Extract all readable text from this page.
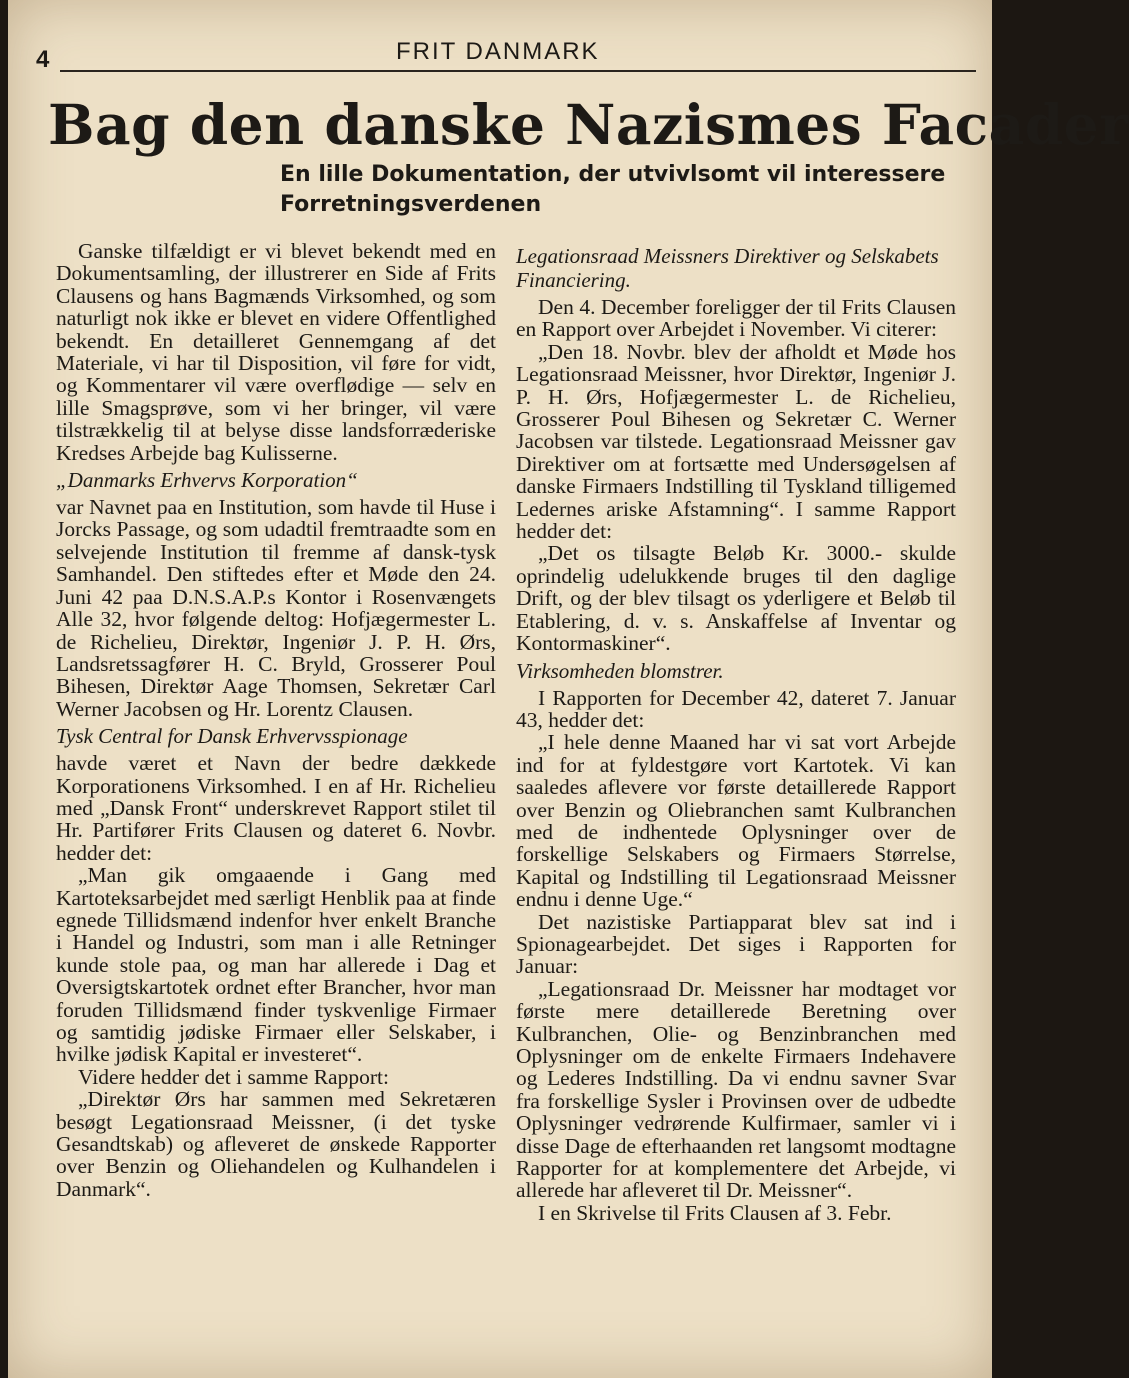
4	FRIT DANMARK
Bag den danske Nazismes Facader
En lille Dokumentation, der utvivlsomt vil interessere Forretningsverdenen

Ganske tilfældigt er vi blevet bekendt med en Dokumentsamling, der illustrerer en Side af Frits Clausens og hans Bagmænds Virksomhed, og som naturligt nok ikke er blevet en videre Offentlighed bekendt. En detailleret Gennemgang af det Materiale, vi har til Disposition, vil føre for vidt, og Kommentarer vil være overflødige — selv en lille Smagsprøve, som vi her bringer, vil være tilstrækkelig til at belyse disse landsforræderiske Kredses Arbejde bag Kulisserne.

„Danmarks Erhvervs Korporation“

var Navnet paa en Institution, som havde til Huse i Jorcks Passage, og som udadtil fremtraadte som en selvejende Institution til fremme af dansk-tysk Samhandel. Den stiftedes efter et Møde den 24. Juni 42 paa D.N.S.A.P.s Kontor i Rosenvængets Alle 32, hvor følgende deltog: Hofjægermester L. de Richelieu, Direktør, Ingeniør J. P. H. Ørs, Landsretssagfører H. C. Bryld, Grosserer Poul Bihesen, Direktør Aage Thomsen, Sekretær Carl Werner Jacobsen og Hr. Lorentz Clausen.

Tysk Central for Dansk Erhvervsspionage

havde været et Navn der bedre dækkede Korporationens Virksomhed. I en af Hr. Richelieu med „Dansk Front“ underskrevet Rapport stilet til Hr. Partifører Frits Clausen og dateret 6. Novbr. hedder det:

„Man gik omgaaende i Gang med Kartoteksarbejdet med særligt Henblik paa at finde egnede Tillidsmænd indenfor hver enkelt Branche i Handel og Industri, som man i alle Retninger kunde stole paa, og man har allerede i Dag et Oversigtskartotek ordnet efter Brancher, hvor man foruden Tillidsmænd finder tyskvenlige Firmaer og samtidig jødiske Firmaer eller Selskaber, i hvilke jødisk Kapital er investeret“.

Videre hedder det i samme Rapport:

„Direktør Ørs har sammen med Sekretæren besøgt Legationsraad Meissner, (i det tyske Gesandtskab) og afleveret de ønskede Rapporter over Benzin og Oliehandelen og Kulhandelen i Danmark“.

Legationsraad Meissners Direktiver og Selskabets Financiering.

Den 4. December foreligger der til Frits Clausen en Rapport over Arbejdet i November. Vi citerer:

„Den 18. Novbr. blev der afholdt et Møde hos Legationsraad Meissner, hvor Direktør, Ingeniør J. P. H. Ørs, Hofjægermester L. de Richelieu, Grosserer Poul Bihesen og Sekretær C. Werner Jacobsen var tilstede. Legationsraad Meissner gav Direktiver om at fortsætte med Undersøgelsen af danske Firmaers Indstilling til Tyskland tilligemed Ledernes ariske Afstamning“. I samme Rapport hedder det:

„Det os tilsagte Beløb Kr. 3000.- skulde oprindelig udelukkende bruges til den daglige Drift, og der blev tilsagt os yderligere et Beløb til Etablering, d. v. s. Anskaffelse af Inventar og Kontormaskiner“.

Virksomheden blomstrer.

I Rapporten for December 42, dateret 7. Januar 43, hedder det:

„I hele denne Maaned har vi sat vort Arbejde ind for at fyldestgøre vort Kartotek. Vi kan saaledes aflevere vor første detaillerede Rapport over Benzin og Oliebranchen samt Kulbranchen med de indhentede Oplysninger over de forskellige Selskabers og Firmaers Størrelse, Kapital og Indstilling til Legationsraad Meissner endnu i denne Uge.“

Det nazistiske Partiapparat blev sat ind i Spionagearbejdet. Det siges i Rapporten for Januar:

„Legationsraad Dr. Meissner har modtaget vor første mere detaillerede Beretning over Kulbranchen, Olie- og Benzinbranchen med Oplysninger om de enkelte Firmaers Indehavere og Lederes Indstilling. Da vi endnu savner Svar fra forskellige Sysler i Provinsen over de udbedte Oplysninger vedrørende Kulfirmaer, samler vi i disse Dage de efterhaanden ret langsomt modtagne Rapporter for at komplementere det Arbejde, vi allerede har afleveret til Dr. Meissner“.

I en Skrivelse til Frits Clausen af 3. Febr.
